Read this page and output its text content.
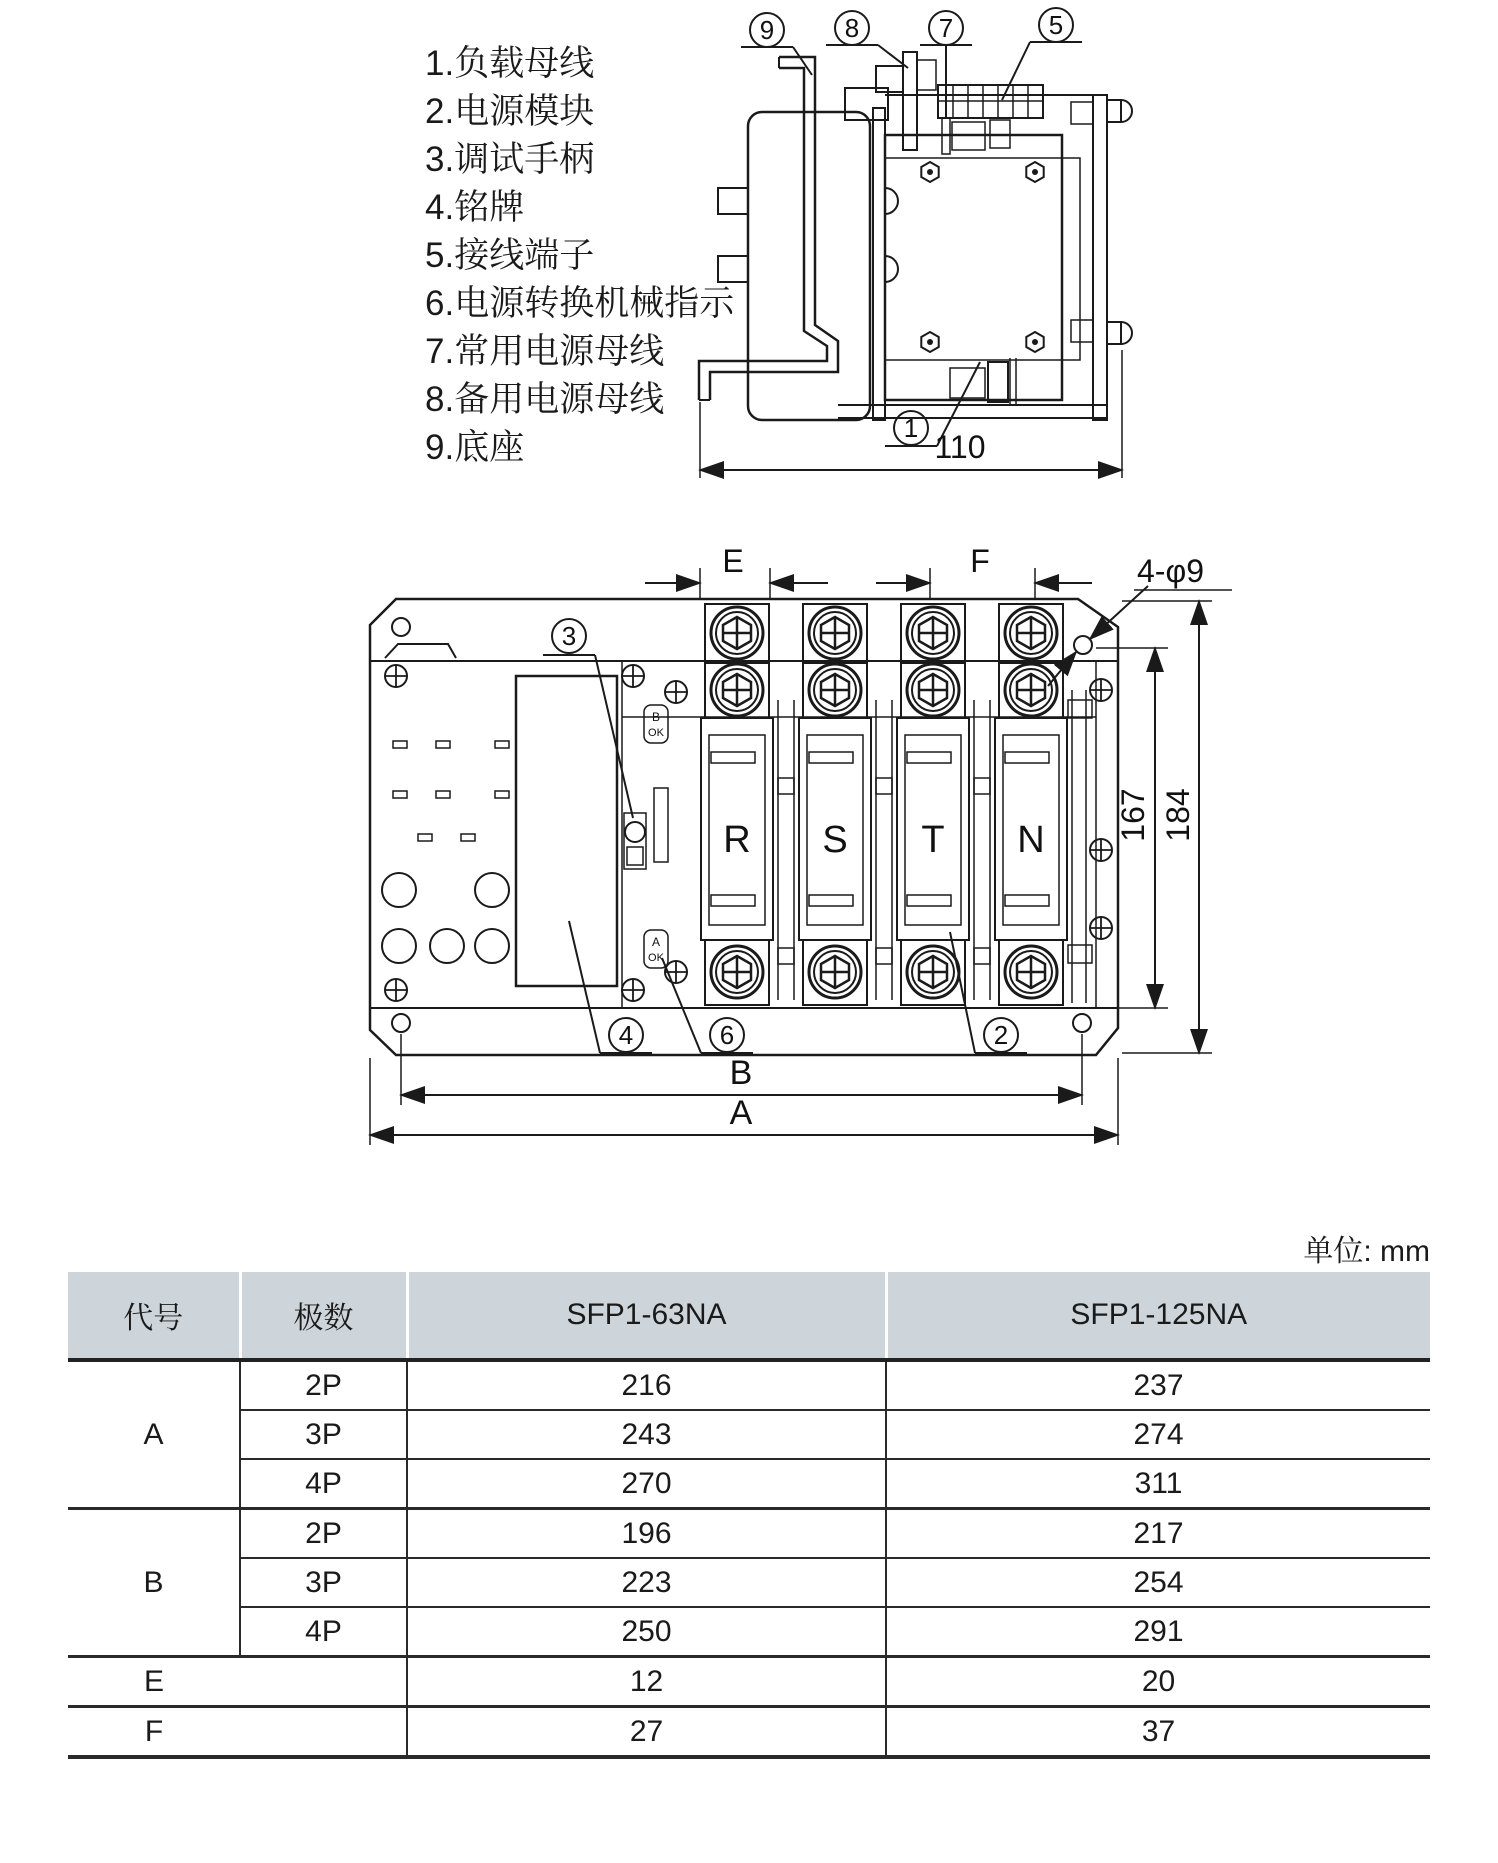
1.负载母线
2.电源模块
3.调试手柄
4.铭牌
5.接线端子
6.电源转换机械指示
7.常用电源母线
8.备用电源母线
9.底座
9	8	7	5
1
110
B
OK
A
OK
R S T N
E	F	4-φ9
167 184
B
A
3
4	6	2
单位: mm
代号	极数	SFP1-63NA	SFP1-125NA
A	2P	216	237
	3P	243	274
	4P	270	311
B	2P	196	217
	3P	223	254
	4P	250	291
E		12	20
F		27	37
